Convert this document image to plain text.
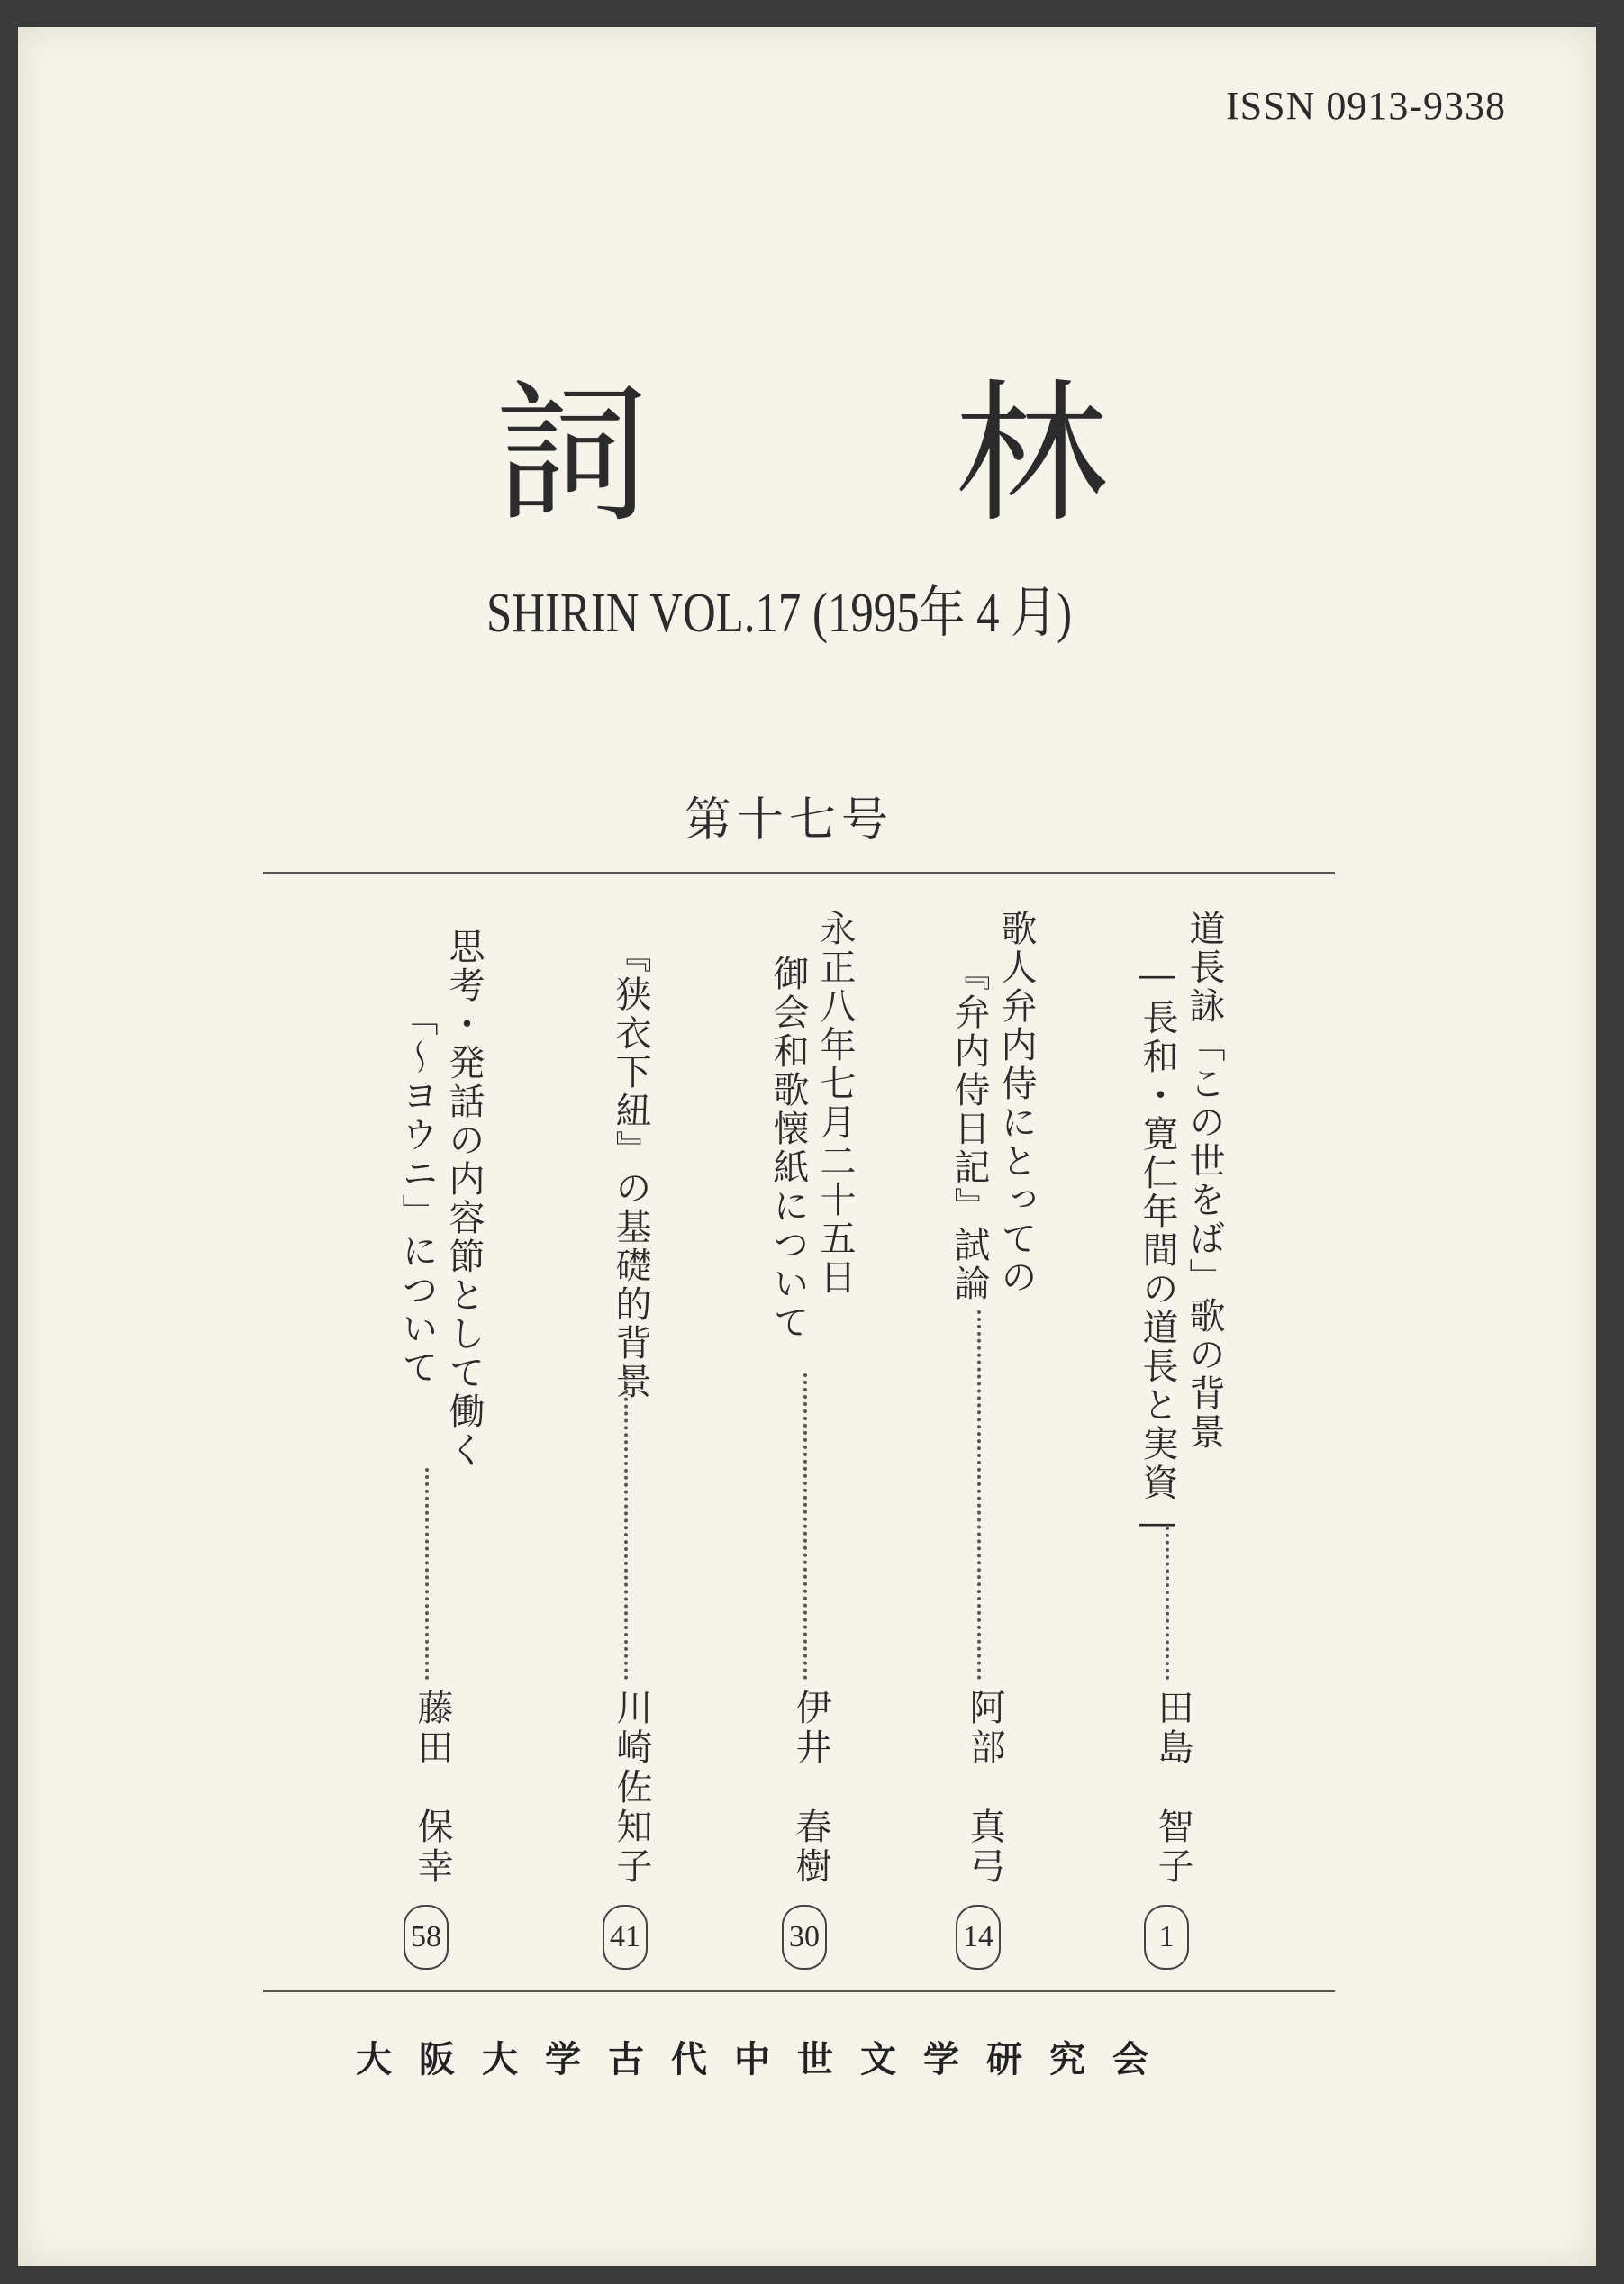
ISSN 0913-9338
詞 林
SHIRIN VOL.17 (1995年 4 月)
第十七号
道長詠「この世をば」歌の背景
―長和・寛仁年間の道長と実資―
田島　智子
1
歌人弁内侍にとっての
『弁内侍日記』試論
阿部　真弓
14
永正八年七月二十五日
御会和歌懐紙について
伊井　春樹
30
『狭衣下紐』の基礎的背景
川崎佐知子
41
思考・発話の内容節として働く
「～ヨウニ」について
藤田　保幸
58
大阪大学古代中世文学研究会
